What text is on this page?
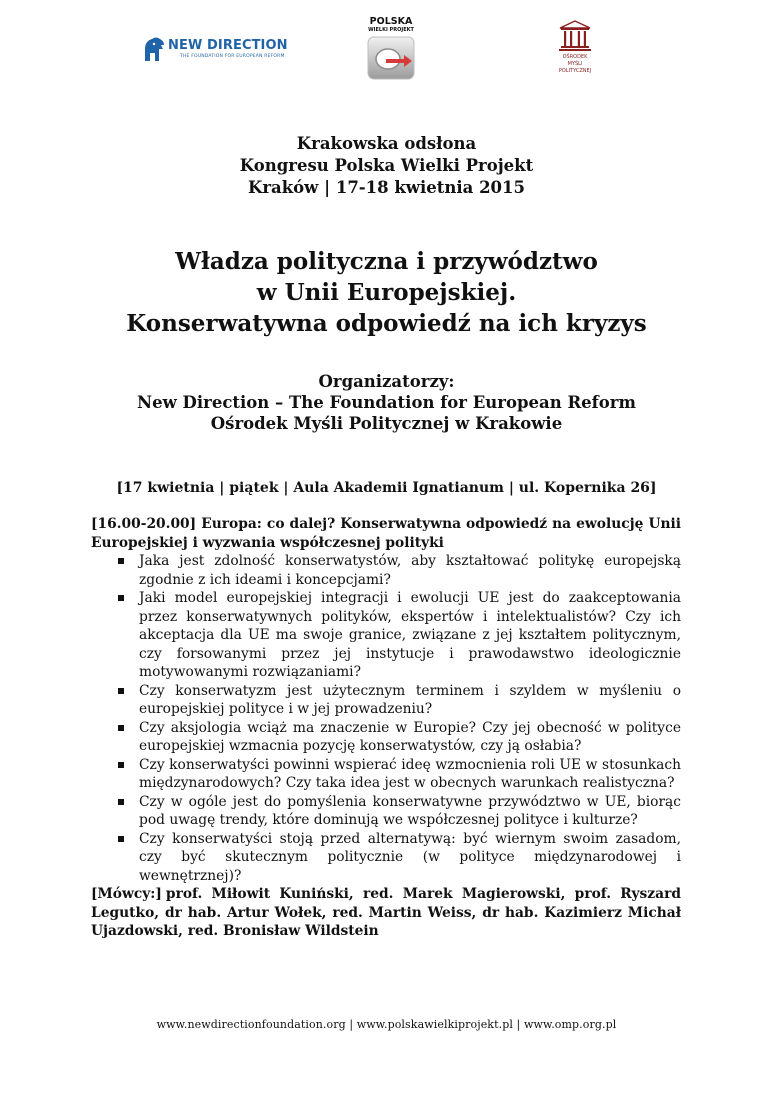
NEW DIRECTION
THE FOUNDATION FOR EUROPEAN REFORM
POLSKA
WIELKI PROJEKT
OŚRODEK
MYŚLI
POLITYCZNEJ
Krakowska odsłona
Kongresu Polska Wielki Projekt
Kraków | 17-18 kwietnia 2015
Władza polityczna i przywództwo
w Unii Europejskiej.
Konserwatywna odpowiedź na ich kryzys
Organizatorzy:
New Direction – The Foundation for European Reform
Ośrodek Myśli Politycznej w Krakowie
[17 kwietnia | piątek | Aula Akademii Ignatianum | ul. Kopernika 26]

[16.00-20.00] Europa: co dalej? Konserwatywna odpowiedź na ewolucję Unii Europejskiej i wyzwania współczesnej polityki

Jaka jest zdolność konserwatystów, aby kształtować politykę europejską zgodnie z ich ideami i koncepcjami?
Jaki model europejskiej integracji i ewolucji UE jest do zaakceptowania przez konserwatywnych polityków, ekspertów i intelektualistów? Czy ich akceptacja dla UE ma swoje granice, związane z jej kształtem politycznym, czy forsowanymi przez jej instytucje i prawodawstwo ideologicznie motywowanymi rozwiązaniami?
Czy konserwatyzm jest użytecznym terminem i szyldem w myśleniu o europejskiej polityce i w jej prowadzeniu?
Czy aksjologia wciąż ma znaczenie w Europie? Czy jej obecność w polityce europejskiej wzmacnia pozycję konserwatystów, czy ją osłabia?
Czy konserwatyści powinni wspierać ideę wzmocnienia roli UE w stosunkach międzynarodowych? Czy taka idea jest w obecnych warunkach realistyczna?
Czy w ogóle jest do pomyślenia konserwatywne przywództwo w UE, biorąc pod uwagę trendy, które dominują we współczesnej polityce i kulturze?
Czy konserwatyści stoją przed alternatywą: być wiernym swoim zasadom, czy być skutecznym politycznie (w polityce międzynarodowej i wewnętrznej)?

[Mówcy:] prof. Miłowit Kuniński, red. Marek Magierowski, prof. Ryszard Legutko, dr hab. Artur Wołek, red. Martin Weiss, dr hab. Kazimierz Michał Ujazdowski, red. Bronisław Wildstein

www.newdirectionfoundation.org | www.polskawielkiprojekt.pl | www.omp.org.pl
